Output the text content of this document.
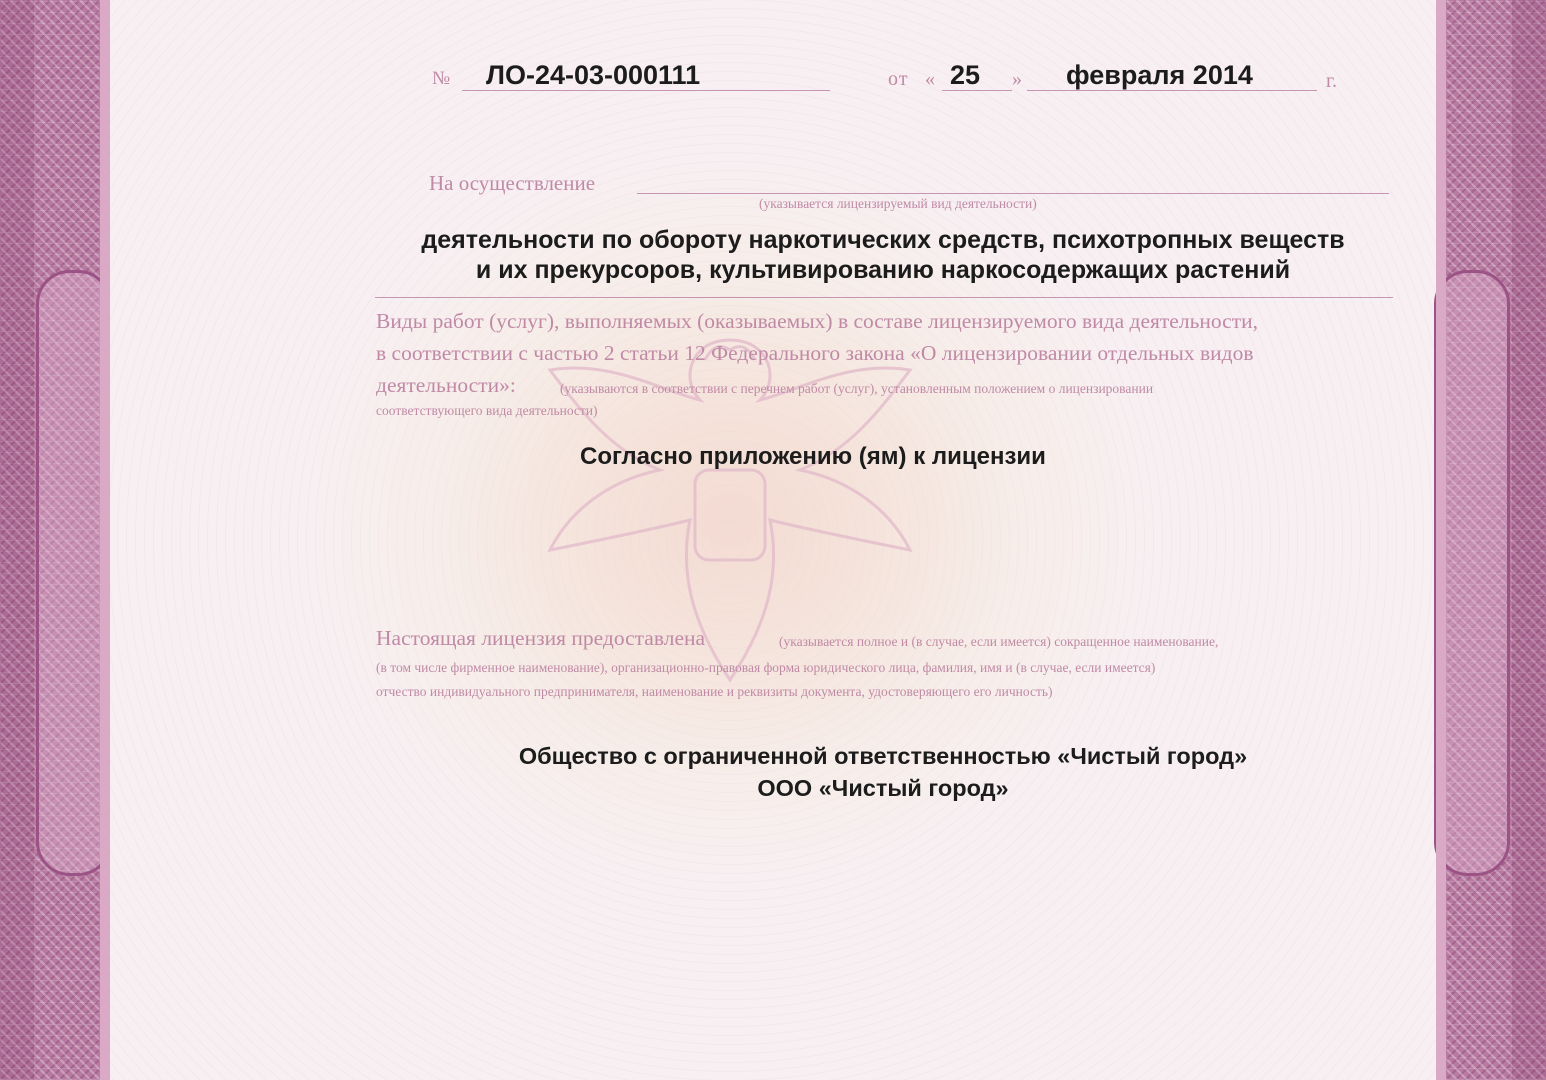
№ ЛО-24-03-000111	от « 25 » февраля 2014	г.
На осуществление
(указывается лицензируемый вид деятельности)

деятельности по обороту наркотических средств, психотропных веществ

и их прекурсоров, культивированию наркосодержащих растений

Виды работ (услуг), выполняемых (оказываемых) в составе лицензируемого вида деятельности,

в соответствии с частью 2 статьи 12 Федерального закона «О лицензировании отдельных видов

деятельности»:	(указываются в соответствии с перечнем работ (услуг), установленным положением о лицензировании
соответствующего вида деятельности)

Согласно приложению (ям) к лицензии

Настоящая лицензия предоставлена	(указывается полное и (в случае, если имеется) сокращенное наименование,
(в том числе фирменное наименование), организационно-правовая форма юридического лица, фамилия, имя и (в случае, если имеется)
отчество индивидуального предпринимателя, наименование и реквизиты документа, удостоверяющего его личность)

Общество с ограниченной ответственностью «Чистый город»

ООО «Чистый город»
